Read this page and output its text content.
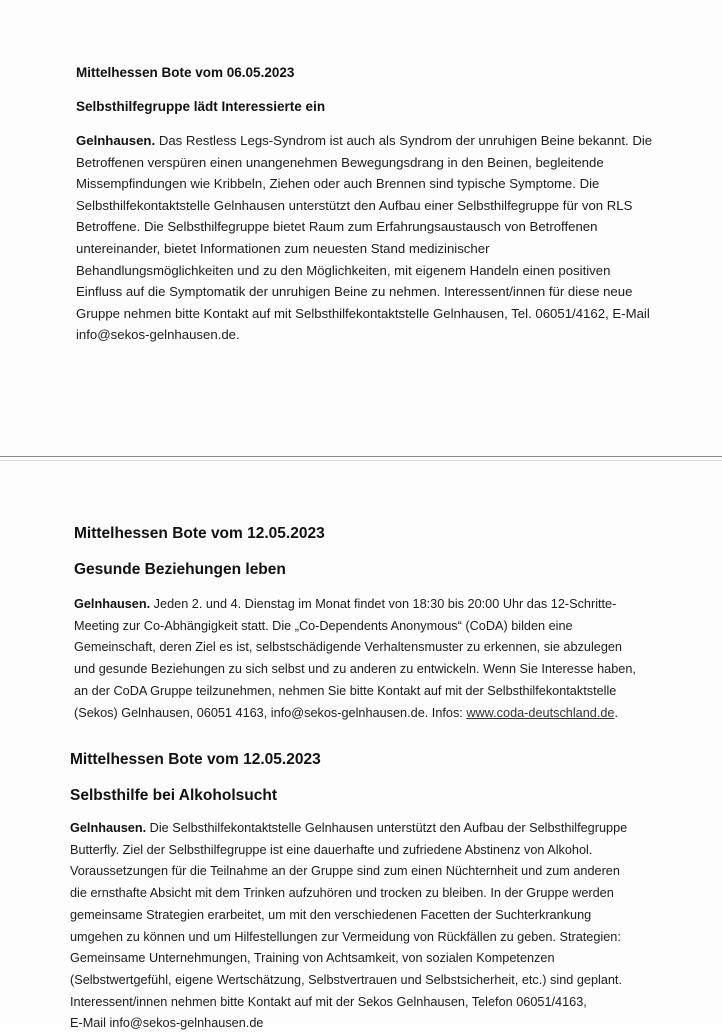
Mittelhessen Bote vom 06.05.2023

Selbsthilfegruppe lädt Interessierte ein

Gelnhausen. Das Restless Legs-Syndrom ist auch als Syndrom der unruhigen Beine bekannt. Die
Betroffenen verspüren einen unangenehmen Bewegungsdrang in den Beinen, begleitende
Missempfindungen wie Kribbeln, Ziehen oder auch Brennen sind typische Symptome. Die
Selbsthilfekontaktstelle Gelnhausen unterstützt den Aufbau einer Selbsthilfegruppe für von RLS
Betroffene. Die Selbsthilfegruppe bietet Raum zum Erfahrungsaustausch von Betroffenen
untereinander, bietet Informationen zum neuesten Stand medizinischer
Behandlungsmöglichkeiten und zu den Möglichkeiten, mit eigenem Handeln einen positiven
Einfluss auf die Symptomatik der unruhigen Beine zu nehmen. Interessent/innen für diese neue
Gruppe nehmen bitte Kontakt auf mit Selbsthilfekontaktstelle Gelnhausen, Tel. 06051/4162, E-Mail
info@sekos-gelnhausen.de.

Mittelhessen Bote vom 12.05.2023

Gesunde Beziehungen leben

Gelnhausen. Jeden 2. und 4. Dienstag im Monat findet von 18:30 bis 20:00 Uhr das 12-Schritte-
Meeting zur Co-Abhängigkeit statt. Die „Co-Dependents Anonymous“ (CoDA) bilden eine
Gemeinschaft, deren Ziel es ist, selbstschädigende Verhaltensmuster zu erkennen, sie abzulegen
und gesunde Beziehungen zu sich selbst und zu anderen zu entwickeln. Wenn Sie Interesse haben,
an der CoDA Gruppe teilzunehmen, nehmen Sie bitte Kontakt auf mit der Selbsthilfekontaktstelle
(Sekos) Gelnhausen, 06051 4163, info@sekos-gelnhausen.de. Infos: www.coda-deutschland.de.

Mittelhessen Bote vom 12.05.2023

Selbsthilfe bei Alkoholsucht

Gelnhausen. Die Selbsthilfekontaktstelle Gelnhausen unterstützt den Aufbau der Selbsthilfegruppe
Butterfly. Ziel der Selbsthilfegruppe ist eine dauerhafte und zufriedene Abstinenz von Alkohol.
Voraussetzungen für die Teilnahme an der Gruppe sind zum einen Nüchternheit und zum anderen
die ernsthafte Absicht mit dem Trinken aufzuhören und trocken zu bleiben. In der Gruppe werden
gemeinsame Strategien erarbeitet, um mit den verschiedenen Facetten der Suchterkrankung
umgehen zu können und um Hilfestellungen zur Vermeidung von Rückfällen zu geben. Strategien:
Gemeinsame Unternehmungen, Training von Achtsamkeit, von sozialen Kompetenzen
(Selbstwertgefühl, eigene Wertschätzung, Selbstvertrauen und Selbstsicherheit, etc.) sind geplant.
Interessent/innen nehmen bitte Kontakt auf mit der Sekos Gelnhausen, Telefon 06051/4163,
E-Mail info@sekos-gelnhausen.de
